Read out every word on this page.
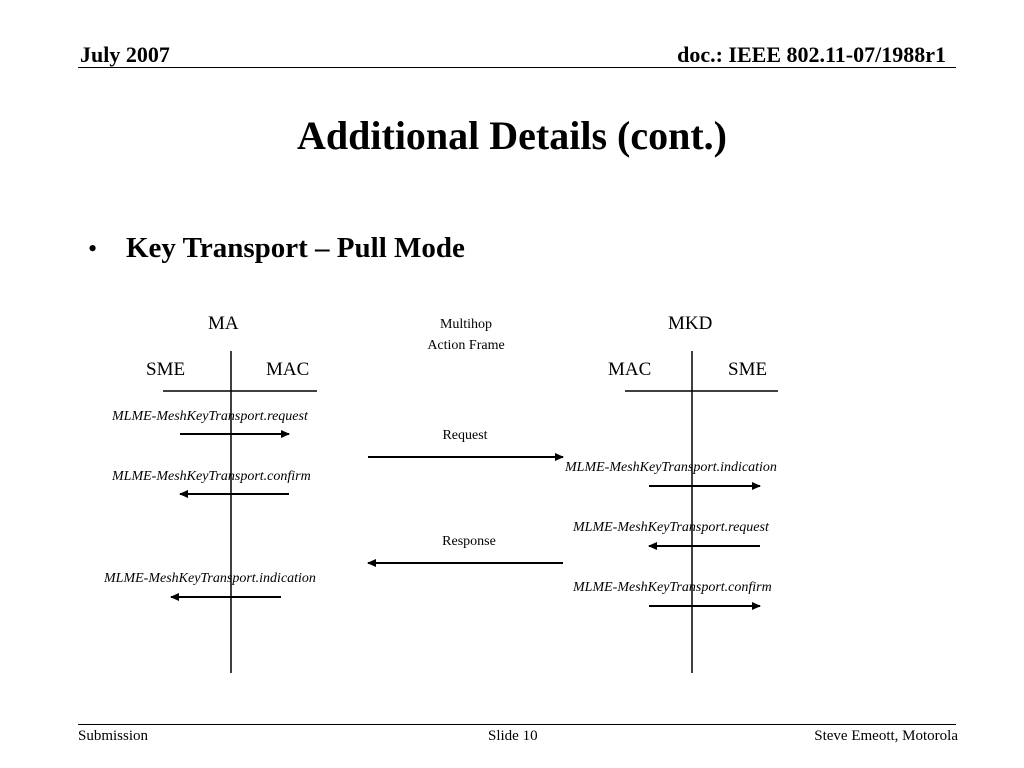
July 2007	doc.: IEEE 802.11-07/1988r1
Additional Details (cont.)
• Key Transport – Pull Mode
MA
SME	MAC
MKD
MAC	SME
Multihop
Action Frame
Request
Response
MLME-MeshKeyTransport.request
MLME-MeshKeyTransport.confirm
MLME-MeshKeyTransport.indication
MLME-MeshKeyTransport.indication
MLME-MeshKeyTransport.request
MLME-MeshKeyTransport.confirm
Submission	Slide 10	Steve Emeott, Motorola
